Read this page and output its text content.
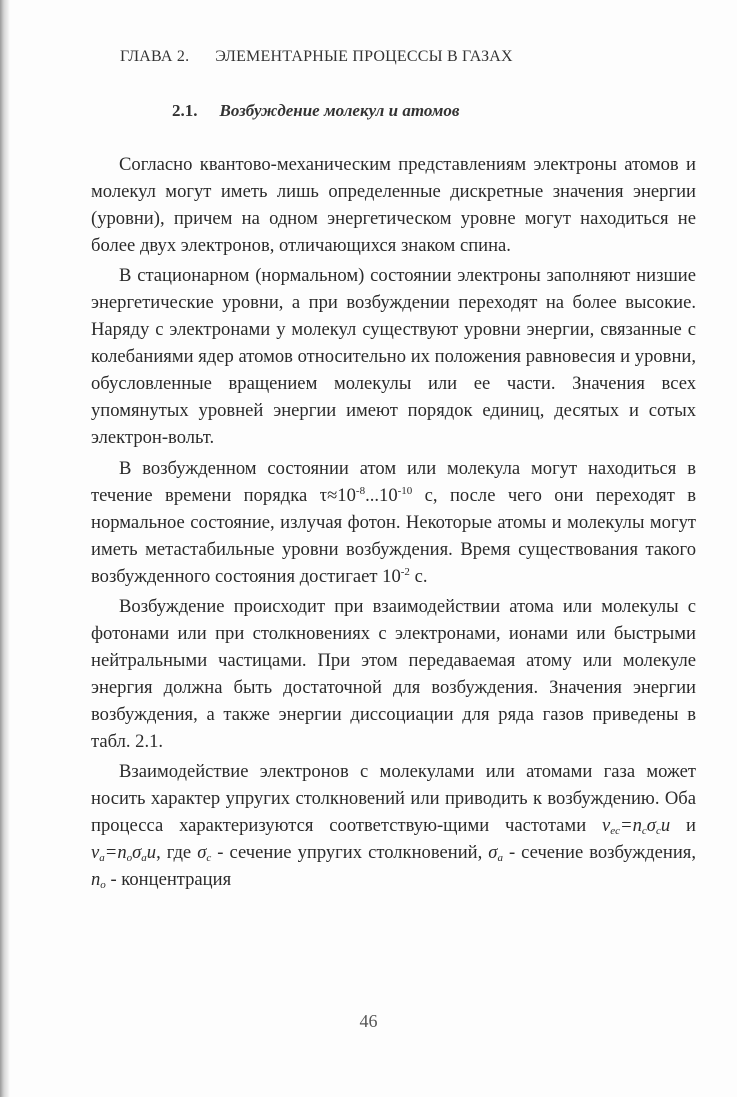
ГЛАВА 2. ЭЛЕМЕНТАРНЫЕ ПРОЦЕССЫ В ГАЗАХ
2.1. Возбуждение молекул и атомов

Согласно квантово-механическим представлениям электроны атомов и молекул могут иметь лишь определенные дискретные значения энергии (уровни), причем на одном энергетическом уровне могут находиться не более двух электронов, отличающихся знаком спина.

В стационарном (нормальном) состоянии электроны заполняют низшие энергетические уровни, а при возбуждении переходят на более высокие. Наряду с электронами у молекул существуют уровни энергии, связанные с колебаниями ядер атомов относительно их положения равновесия и уровни, обусловленные вращением молекулы или ее части. Значения всех упомянутых уровней энергии имеют порядок единиц, десятых и сотых электрон-вольт.

В возбужденном состоянии атом или молекула могут находиться в течение времени порядка $\tau\approx 10^{-8}...10^{-10}$ с, после чего они переходят в нормальное состояние, излучая фотон. Некоторые атомы и молекулы могут иметь метастабильные уровни возбуждения. Время существования такого возбужденного состояния достигает $10^{-2}$ с.

Возбуждение происходит при взаимодействии атома или молекулы с фотонами или при столкновениях с электронами, ионами или быстрыми нейтральными частицами. При этом передаваемая атому или молекуле энергия должна быть достаточной для возбуждения. Значения энергии возбуждения, а также энергии диссоциации для ряда газов приведены в табл. 2.1.

Взаимодействие электронов с молекулами или атомами газа может носить характер упругих столкновений или приводить к возбуждению. Оба процесса характеризуются соответствую-щими частотами $\nu_{ec}=n_c\sigma_cu$ и $\nu_a=n_o\sigma_au$, где $\sigma_c$ - сечение упругих столкновений, $\sigma_a$ - сечение возбуждения, $n_o$ - концентрация

46
